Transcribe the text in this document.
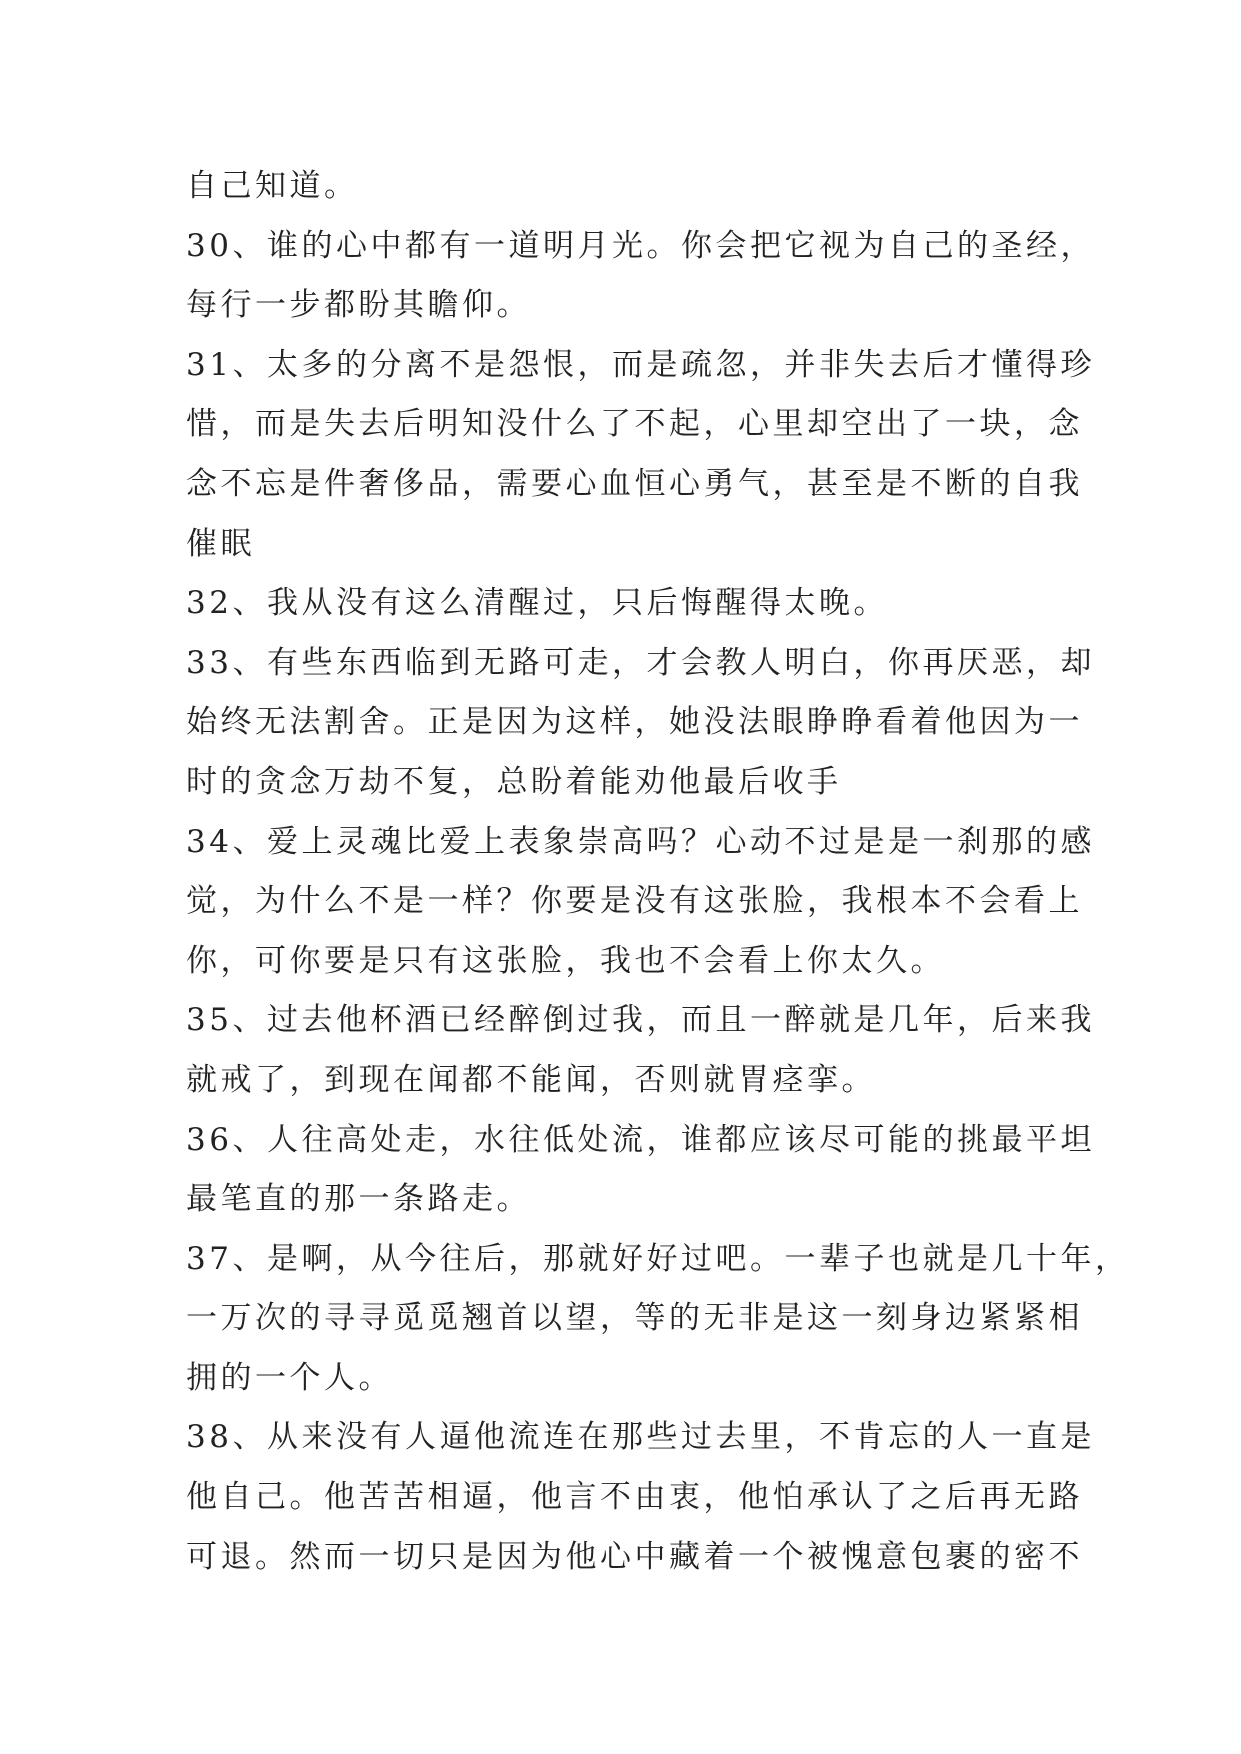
自己知道。
30、谁的心中都有一道明月光。你会把它视为自己的圣经，
每行一步都盼其瞻仰。
31、太多的分离不是怨恨，而是疏忽，并非失去后才懂得珍
惜，而是失去后明知没什么了不起，心里却空出了一块，念
念不忘是件奢侈品，需要心血恒心勇气，甚至是不断的自我
催眠
32、我从没有这么清醒过，只后悔醒得太晚。
33、有些东西临到无路可走，才会教人明白，你再厌恶，却
始终无法割舍。正是因为这样，她没法眼睁睁看着他因为一
时的贪念万劫不复，总盼着能劝他最后收手
34、爱上灵魂比爱上表象崇高吗？心动不过是是一刹那的感
觉，为什么不是一样？你要是没有这张脸，我根本不会看上
你，可你要是只有这张脸，我也不会看上你太久。
35、过去他杯酒已经醉倒过我，而且一醉就是几年，后来我
就戒了，到现在闻都不能闻，否则就胃痉挛。
36、人往高处走，水往低处流，谁都应该尽可能的挑最平坦
最笔直的那一条路走。
37、是啊，从今往后，那就好好过吧。一辈子也就是几十年，
一万次的寻寻觅觅翘首以望，等的无非是这一刻身边紧紧相
拥的一个人。
38、从来没有人逼他流连在那些过去里，不肯忘的人一直是
他自己。他苦苦相逼，他言不由衷，他怕承认了之后再无路
可退。然而一切只是因为他心中藏着一个被愧意包裹的密不
